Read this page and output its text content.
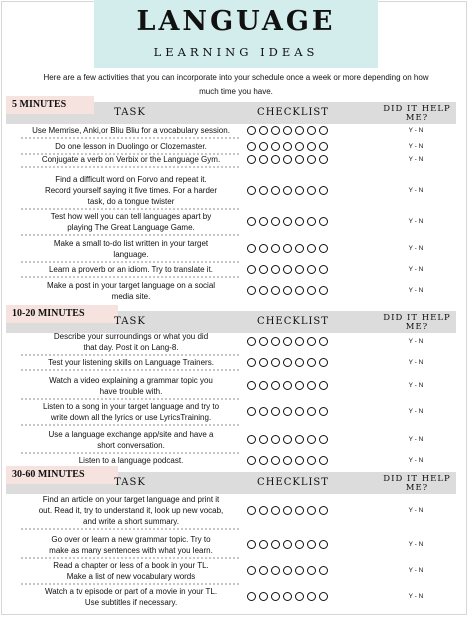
LANGUAGE
LEARNING IDEAS
Here are a few activities that you can incorporate into your schedule once a week or more depending on how much time you have.
5 MINUTES
TASK	CHECKLIST	DID IT HELP ME?
Use Memrise, Anki,or Bliu Bliu for a vocabulary session.	Y - N
Do one lesson in Duolingo or Clozemaster.	Y - N
Conjugate a verb on Verbix or the Language Gym.	Y - N
Find a difficult word on Forvo and repeat it.
Record yourself saying it five times. For a harder
task, do a tongue twister
Y - N
Test how well you can tell languages apart by
playing The Great Language Game.
Y - N
Make a small to-do list written in your target
language.
Y - N
Learn a proverb or an idiom. Try to translate it.	Y - N
Make a post in your target language on a social
media site.
Y - N
10-20 MINUTES
TASK	CHECKLIST	DID IT HELP ME?
Describe your surroundings or what you did
that day. Post it on Lang-8.
Y - N
Test your listening skills on Language Trainers.	Y - N
Watch a video explaining a grammar topic you
have trouble with.
Y - N
Listen to a song in your target language and try to
write down all the lyrics or use LyricsTraining.
Y - N
Use a language exchange app/site and have a
short conversation.
Y - N
Listen to a language podcast.	Y - N
30-60 MINUTES
TASK	CHECKLIST	DID IT HELP ME?
Find an article on your target language and print it
out. Read it, try to understand it, look up new vocab,
and write a short summary.
Y - N
Go over or learn a new grammar topic. Try to
make as many sentences with what you learn.
Y - N
Read a chapter or less of a book in your TL.
Make a list of new vocabulary words
Y - N
Watch a tv episode or part of a movie in your TL.
Use subtitles if necessary.
Y - N
